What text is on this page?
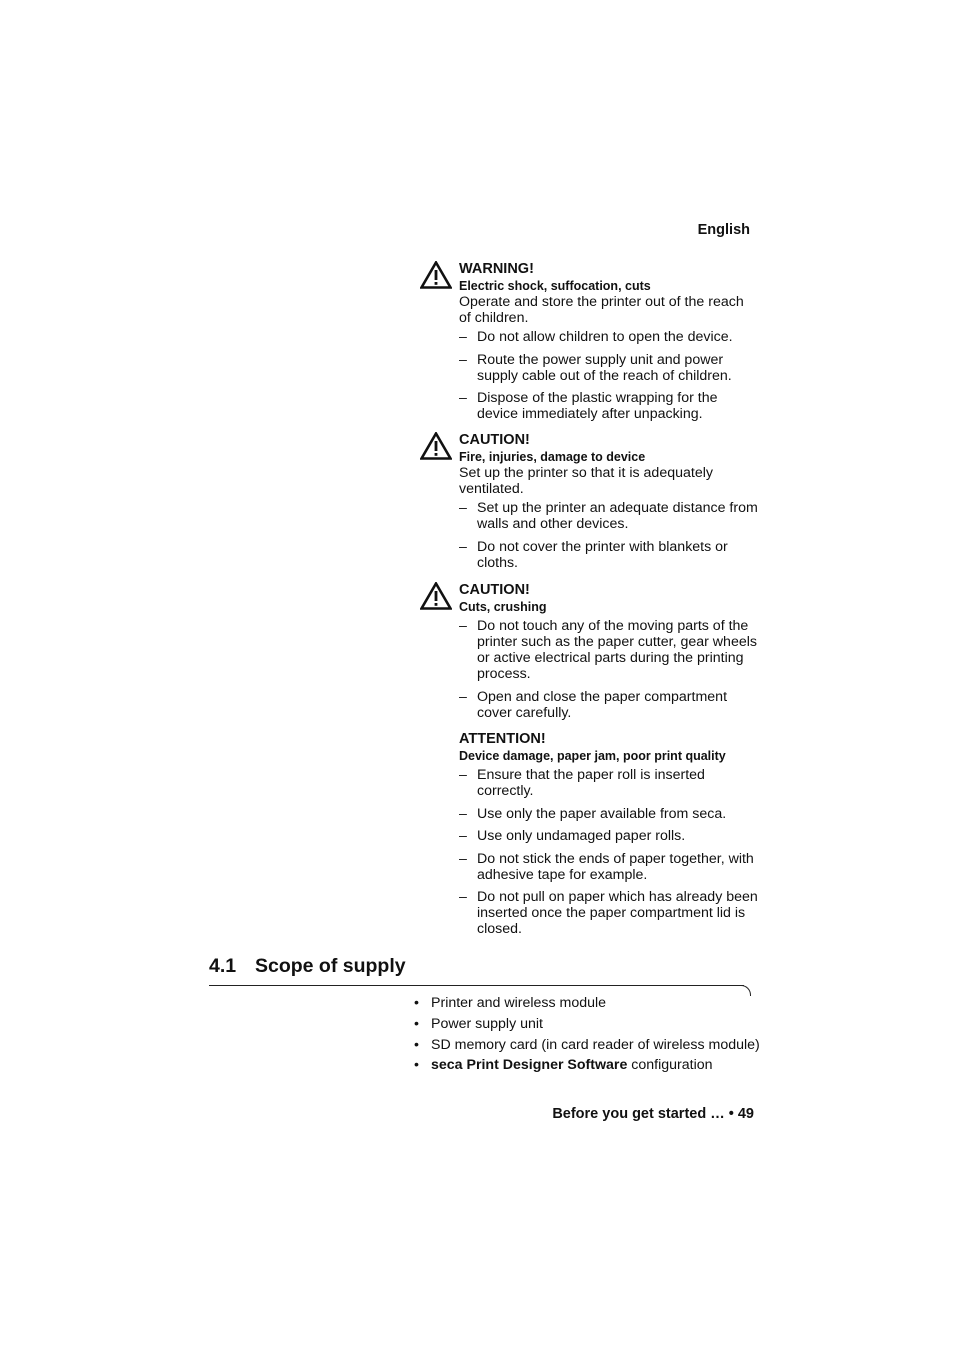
English
WARNING!
Electric shock, suffocation, cuts

Operate and store the printer out of the reach of children.

– Do not allow children to open the device.
– Route the power supply unit and power supply cable out of the reach of children.
– Dispose of the plastic wrapping for the device immediately after unpacking.
CAUTION!
Fire, injuries, damage to device

Set up the printer so that it is adequately ventilated.

– Set up the printer an adequate distance from walls and other devices.
– Do not cover the printer with blankets or cloths.
CAUTION!
Cuts, crushing
– Do not touch any of the moving parts of the printer such as the paper cutter, gear wheels or active electrical parts during the printing process.
– Open and close the paper compartment cover carefully.
ATTENTION!
Device damage, paper jam, poor print quality
– Ensure that the paper roll is inserted correctly.
– Use only the paper available from seca.
– Use only undamaged paper rolls.
– Do not stick the ends of paper together, with adhesive tape for example.
– Do not pull on paper which has already been inserted once the paper compartment lid is closed.
4.1 Scope of supply
• Printer and wireless module
• Power supply unit
• SD memory card (in card reader of wireless module)
• seca Print Designer Software configuration
Before you get started … • 49
